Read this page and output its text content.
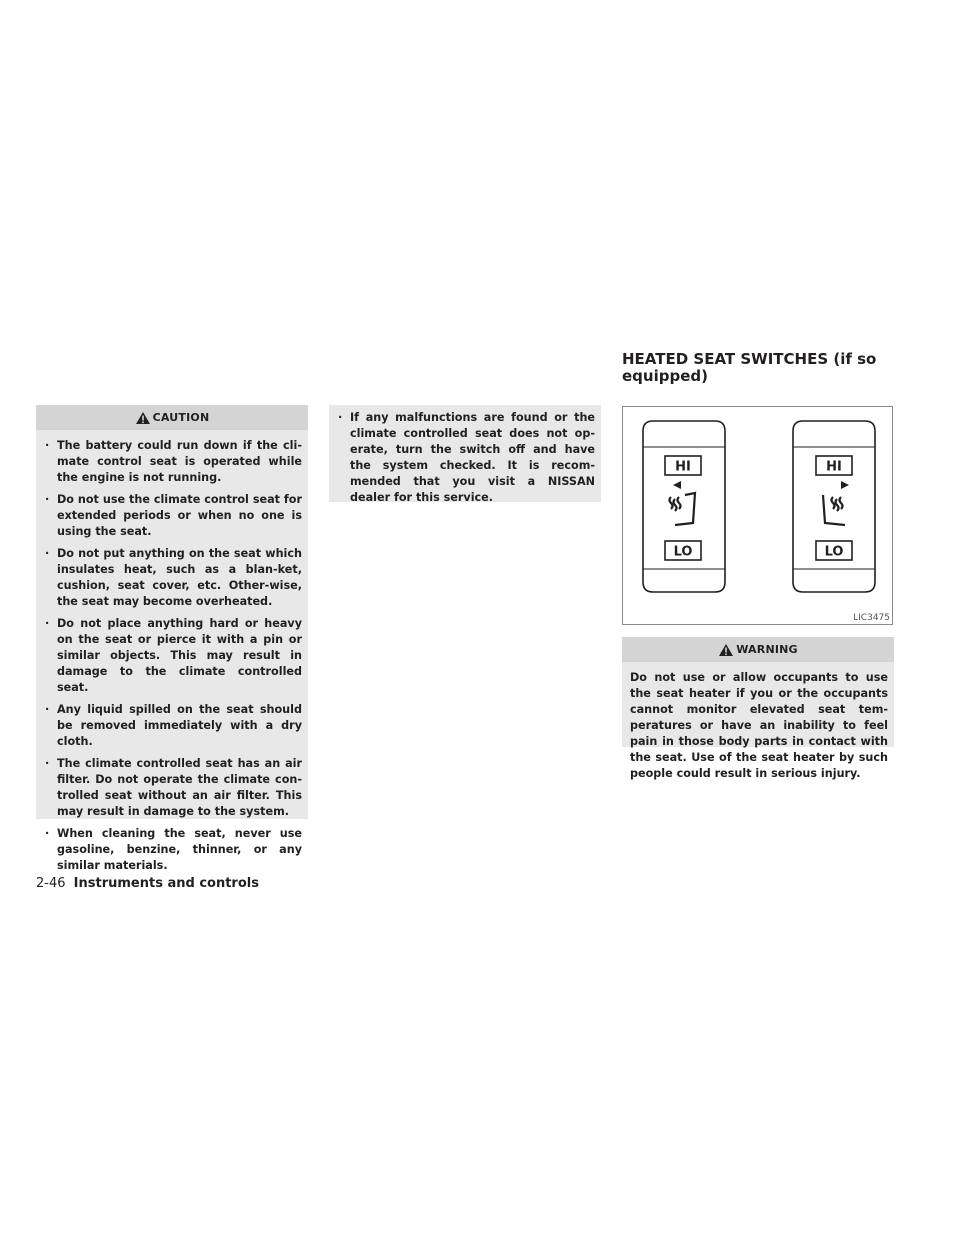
CAUTION
· The battery could run down if the cli-mate control seat is operated while the engine is not running.
· Do not use the climate control seat for extended periods or when no one is using the seat.
· Do not put anything on the seat which insulates heat, such as a blan-ket, cushion, seat cover, etc. Other-wise, the seat may become overheated.
· Do not place anything hard or heavy on the seat or pierce it with a pin or similar objects. This may result in damage to the climate controlled seat.
· Any liquid spilled on the seat should be removed immediately with a dry cloth.
· The climate controlled seat has an air filter. Do not operate the climate con-trolled seat without an air filter. This may result in damage to the system.
· When cleaning the seat, never use gasoline, benzine, thinner, or any similar materials.
· If any malfunctions are found or the climate controlled seat does not op-erate, turn the switch off and have the system checked. It is recom-mended that you visit a NISSAN dealer for this service.
HEATED SEAT SWITCHES (if so equipped)
HI
LO
HI
LO
LIC3475
WARNING
Do not use or allow occupants to use the seat heater if you or the occupants cannot monitor elevated seat tem-peratures or have an inability to feel pain in those body parts in contact with the seat. Use of the seat heater by such people could result in serious injury.
2-46 Instruments and controls
